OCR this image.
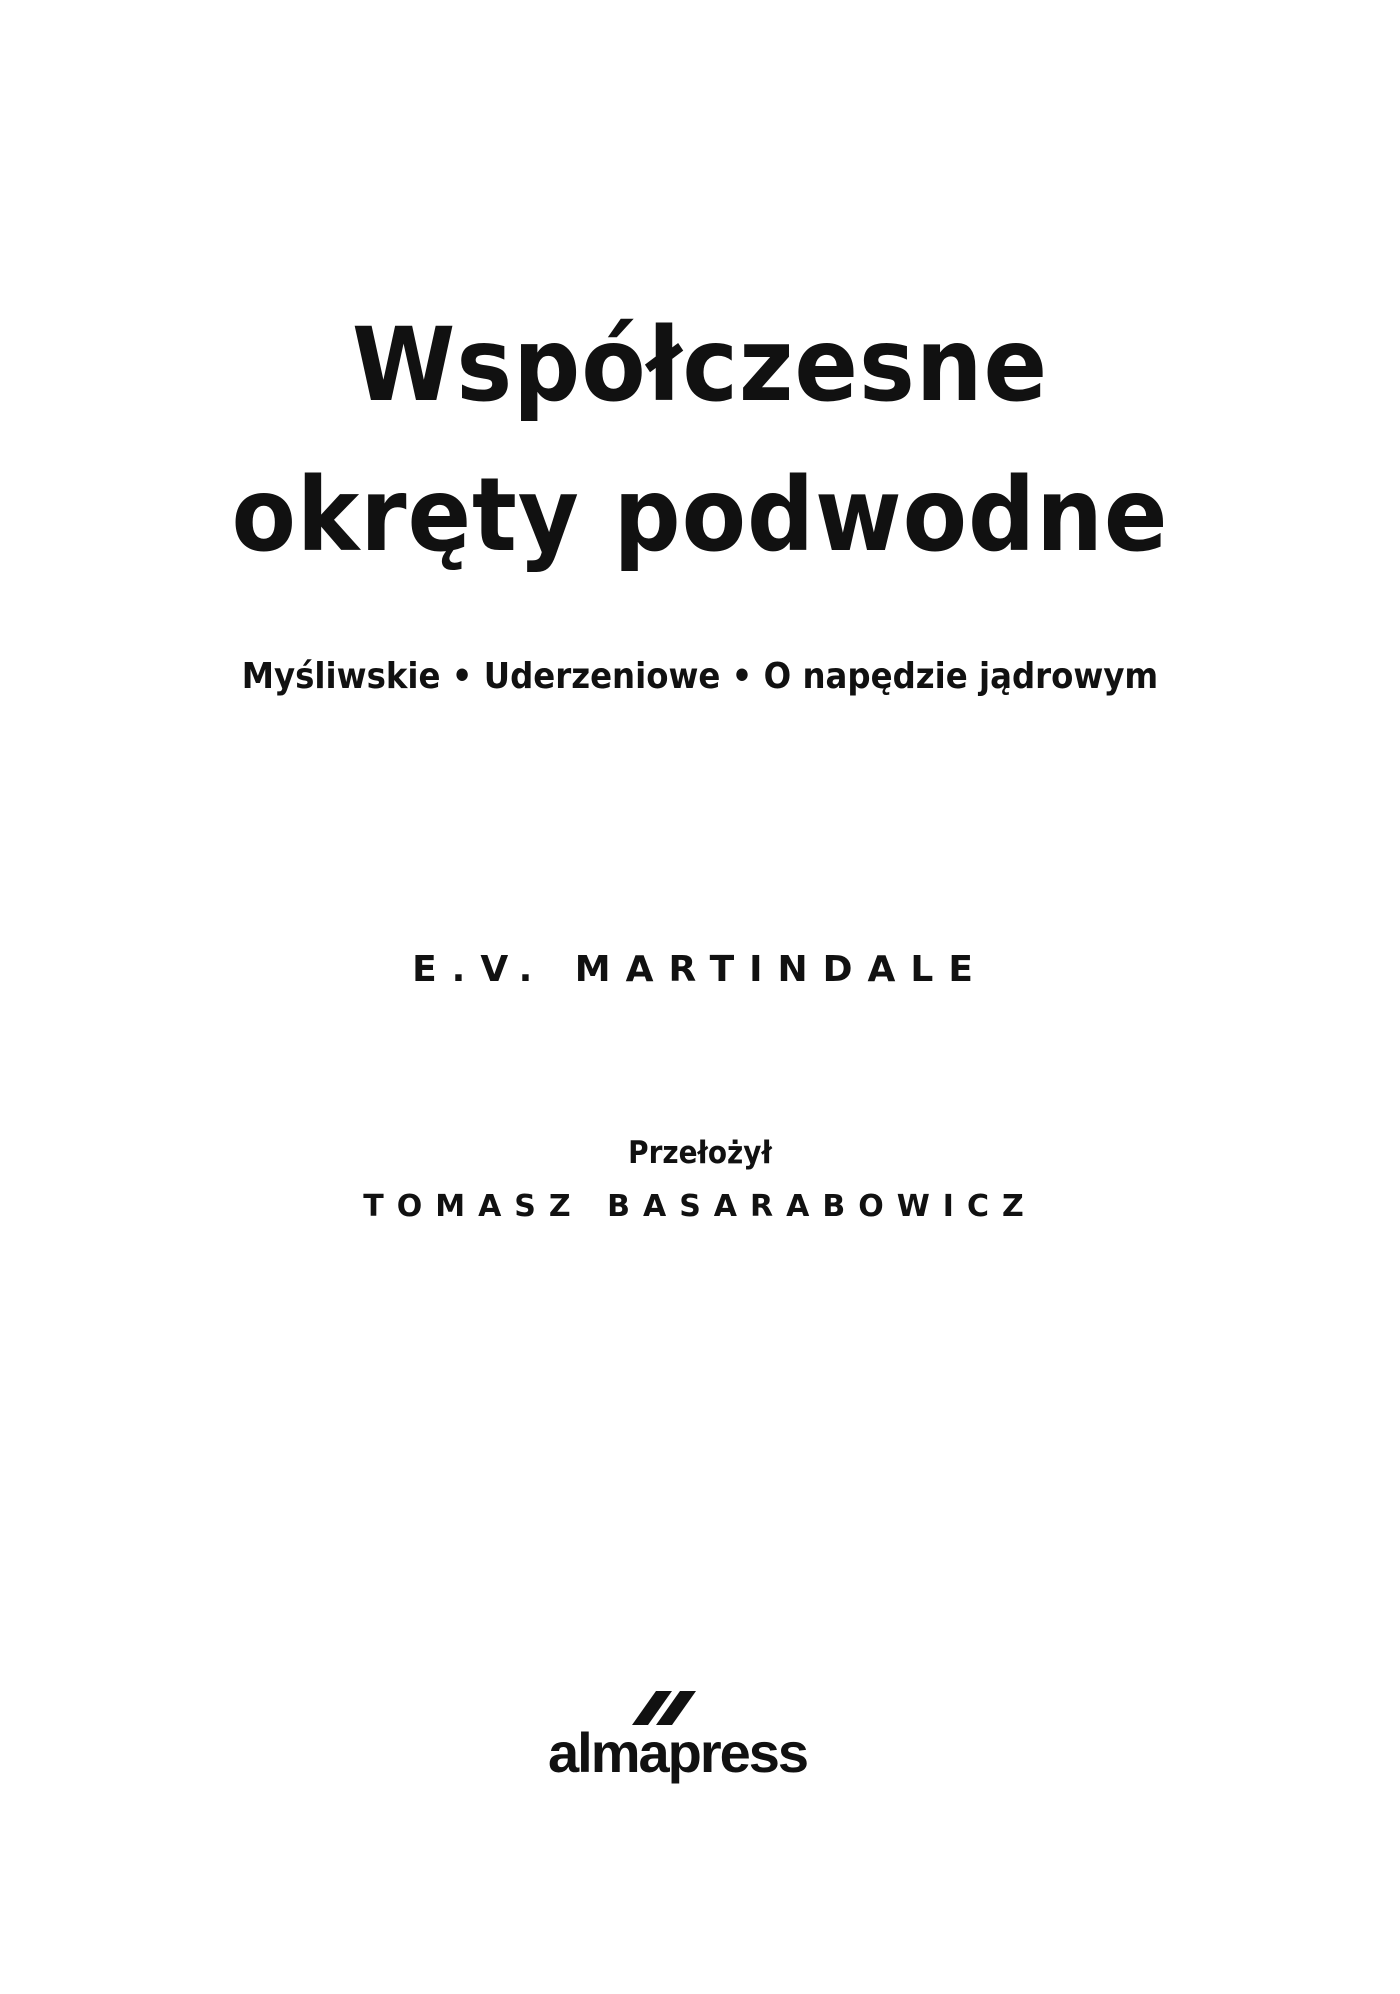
Współczesne
okręty podwodne
Myśliwskie • Uderzeniowe • O napędzie jądrowym
E.V. MARTINDALE
Przełożył
TOMASZ BASARABOWICZ
almapress
